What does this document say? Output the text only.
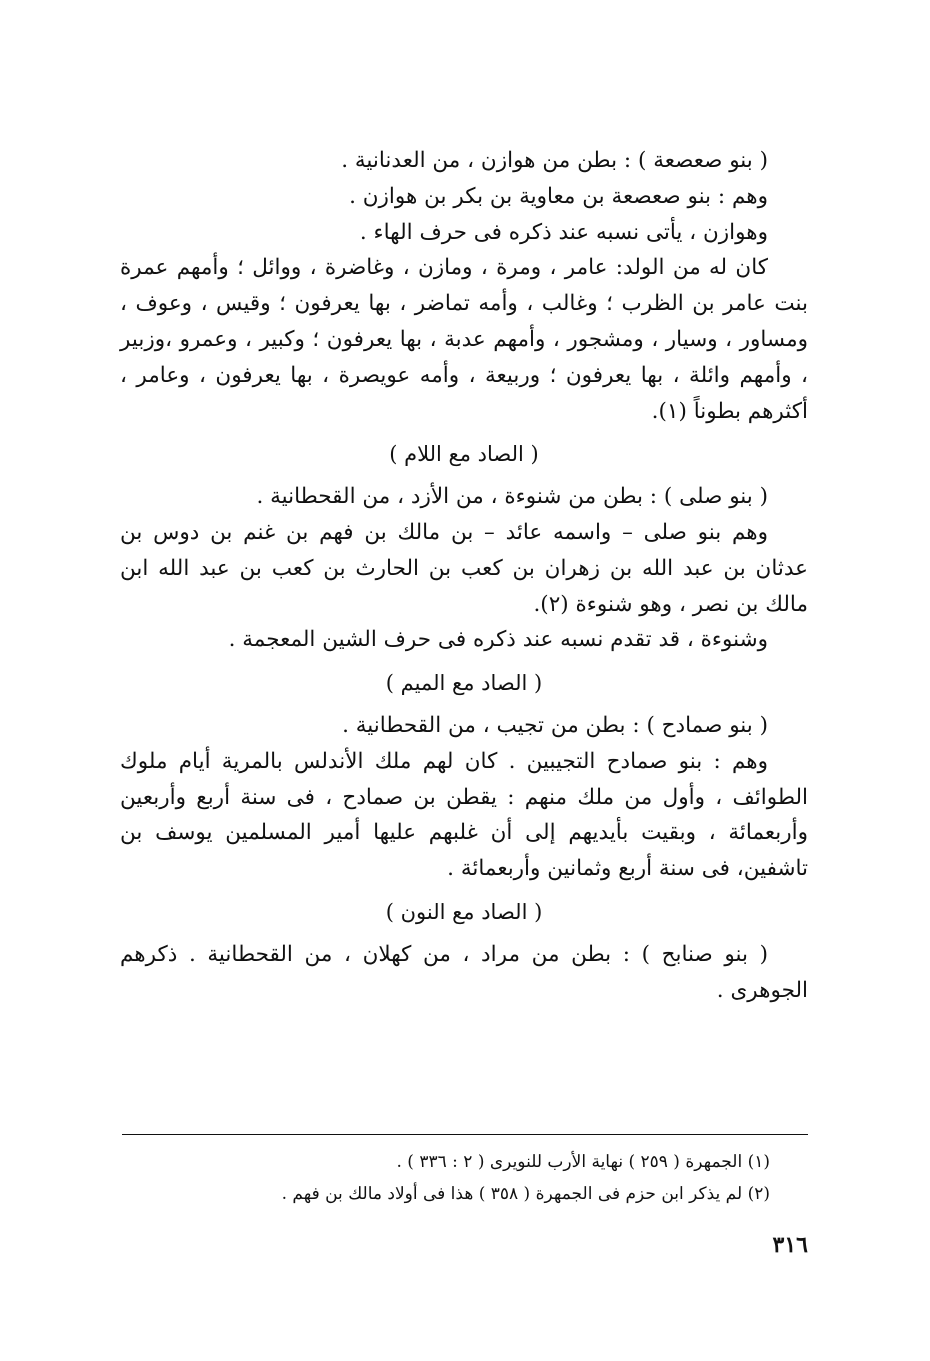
( بنو صعصعة ) : بطن من هوازن ، من العدنانية .

وهم : بنو صعصعة بن معاوية بن بكر بن هوازن .

وهوازن ، يأتى نسبه عند ذكره فى حرف الهاء .

كان له من الولد: عامر ، ومرة ، ومازن ، وغاضرة ، ووائل ؛ وأمهم عمرة بنت عامر بن الظرب ؛ وغالب ، وأمه تماضر ، بها يعرفون ؛ وقيس ، وعوف ، ومساور ، وسيار ، ومشجور ، وأمهم عدبة ، بها يعرفون ؛ وكبير ، وعمرو ،وزبير ، وأمهم وائلة ، بها يعرفون ؛ وربيعة ، وأمه عويصرة ، بها يعرفون ، وعامر ، أكثرهم بطوناً (١).

( الصاد مع اللام )

( بنو صلى ) : بطن من شنوءة ، من الأزد ، من القحطانية .

وهم بنو صلى – واسمه عائد – بن مالك بن فهم بن غنم بن دوس بن عدثان بن عبد الله بن زهران بن كعب بن الحارث بن كعب بن عبد الله ابن مالك بن نصر ، وهو شنوءة (٢).

وشنوءة ، قد تقدم نسبه عند ذكره فى حرف الشين المعجمة .

( الصاد مع الميم )

( بنو صمادح ) : بطن من تجيب ، من القحطانية .

وهم : بنو صمادح التجيبين . كان لهم ملك الأندلس بالمرية أيام ملوك الطوائف ، وأول من ملك منهم : يقطن بن صمادح ، فى سنة أربع وأربعين وأربعمائة ، وبقيت بأيديهم إلى أن غلبهم عليها أمير المسلمين يوسف بن تاشفين، فى سنة أربع وثمانين وأربعمائة .

( الصاد مع النون )

( بنو صنابح ) : بطن من مراد ، من كهلان ، من القحطانية . ذكرهم الجوهرى .

(١) الجمهرة ( ٢٥٩ ) نهاية الأرب للنويرى ( ٢ : ٣٣٦ ) .

(٢) لم يذكر ابن حزم فى الجمهرة ( ٣٥٨ ) هذا فى أولاد مالك بن فهم .

٣١٦
